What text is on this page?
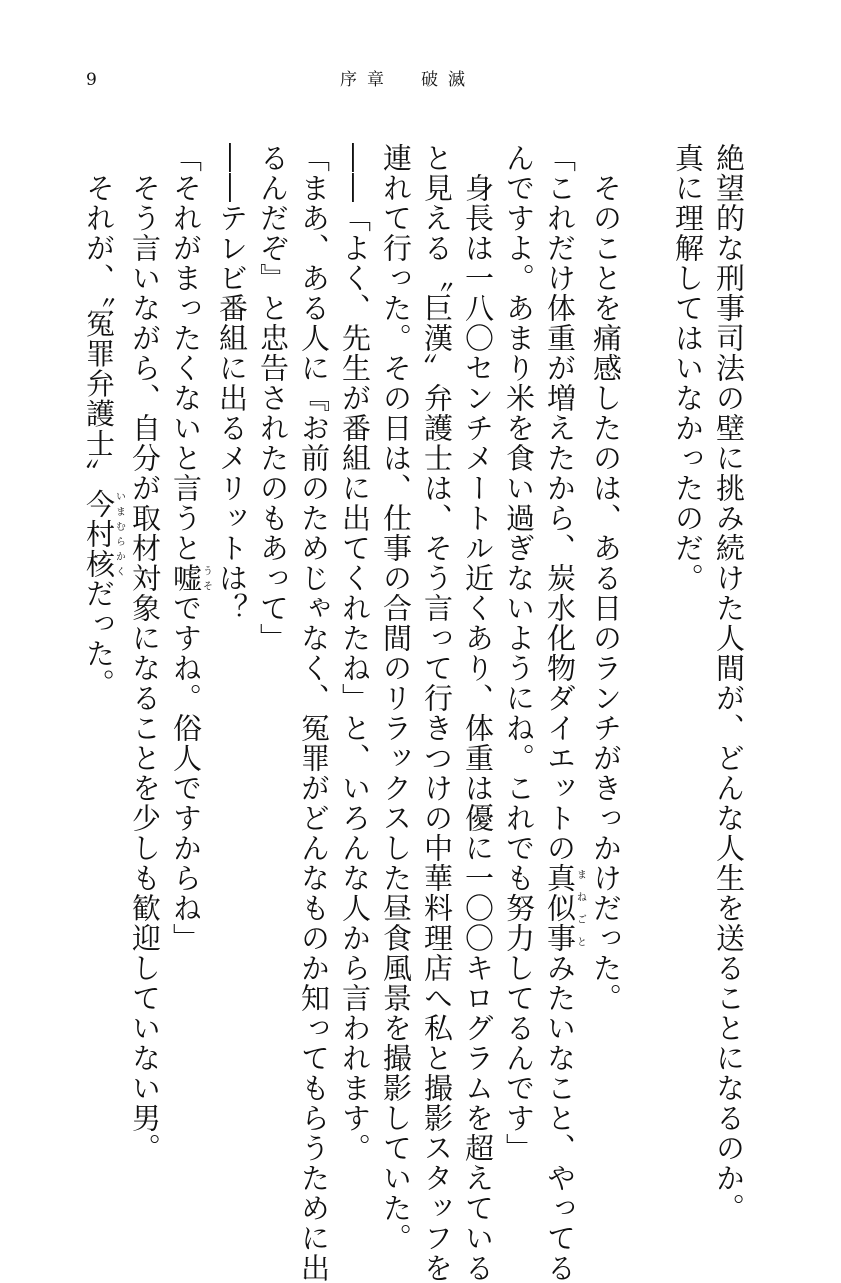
9	序章　破滅
絶望的な刑事司法の壁に挑み続けた人間が、どんな人生を送ることになるのか。
真に理解してはいなかったのだ。
　そのことを痛感したのは、ある日のランチがきっかけだった。
「これだけ体重が増えたから、炭水化物ダイエットの真似事まねごとみたいなこと、やってる
んですよ。あまり米を食い過ぎないようにね。これでも努力してるんです」
　身長は一八〇センチメートル近くあり、体重は優に一〇〇キログラムを超えている
と見える〝巨漢〟弁護士は、そう言って行きつけの中華料理店へ私と撮影スタッフを
連れて行った。その日は、仕事の合間のリラックスした昼食風景を撮影していた。
――「よく、先生が番組に出てくれたね」と、いろんな人から言われます。
「まあ、ある人に『お前のためじゃなく、冤罪がどんなものか知ってもらうために出
るんだぞ』と忠告されたのもあって」
――テレビ番組に出るメリットは？
「それがまったくないと言うと嘘うそですね。俗人ですからね」
　そう言いながら、自分が取材対象になることを少しも歓迎していない男。
　それが、〝冤罪弁護士〟今村核いまむらかくだった。
